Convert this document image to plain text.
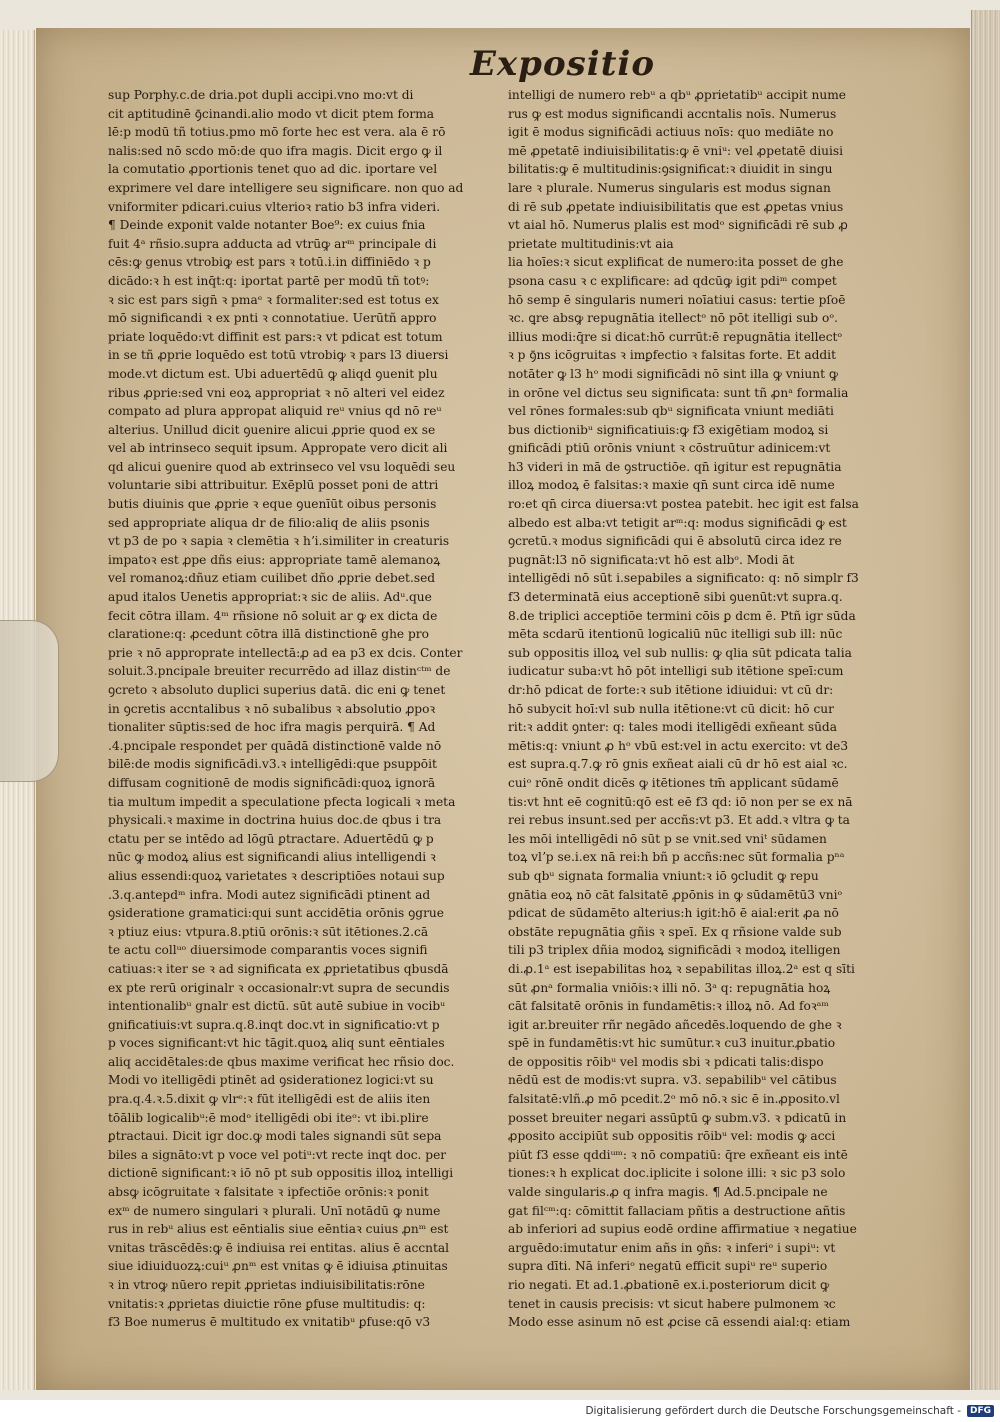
Expositio
sup Porphy.c.de dria.pot dupli accipi.vno mo:vt di
cit aptitudinē ꝯ̄cinandi.alio modo vt dicit ptem forma
lē:p modū tñ totius.pmo mō forte hec est vera. ala ē rō
nalis:sed nō scdo mō:de quo ifra magis. Dicit ergo ꝙ il
la comutatio ꝓportionis tenet quo ad dic. iportare vel
exprimere vel dare intelligere seu significare. non quo ad
vniformiter pdicari.cuius vlterioꝛ ratio b3 infra videri.
¶ Deinde exponit valde notanter Boe⁹: ex cuius fnia
fuit 4ᵃ rñsio.supra adducta ad vtrūꝙ arᵐ principale di
cēs:ꝙ genus vtrobiꝙ est pars ꝛ totū.i.in diffiniēdo ꝛ p
dicādo:ꝛ h est inq̄t:q: iportat partē per modū tñ totꝰ:
ꝛ sic est pars sign̄ ꝛ pmaᵉ ꝛ formaliter:sed est totus ex
mō significandi ꝛ ex pnti ꝛ connotatiue. Uerūtñ appro
priate loquēdo:vt diffinit est pars:ꝛ vt pdicat est totum
in se tñ ꝓprie loquēdo est totū vtrobiꝙ ꝛ pars l3 diuersi
mode.vt dictum est. Ubi aduertēdū ꝙ aliqd ꝯuenit plu
ribus ꝓprie:sed vni eoꝝ appropriat ꝛ nō alteri vel eidez
compato ad plura appropat aliquid reᵘ vnius qd nō reᵘ
alterius. Unillud dicit ꝯuenire alicui ꝓprie quod ex se
vel ab intrinseco sequit ipsum. Appropate vero dicit ali
qd alicui ꝯuenire quod ab extrinseco vel vsu loquēdi seu
voluntarie sibi attribuitur. Exēplū posset poni de attri
butis diuinis que ꝓprie ꝛ eque ꝯuenīūt oibus personis
sed appropriate aliqua dr de filio:aliq de aliis psonis
vt p3 de po ꝛ sapia ꝛ clemētia ꝛ hʼi.similiter in creaturis
impatoꝛ est ꝓpe dñs eius: appropriate tamē alemanoꝝ
vel romanoꝝ:dñuz etiam cuilibet dño ꝓprie debet.sed
apud italos Uenetis appropriat:ꝛ sic de aliis. Adᵘ.que
fecit cōtra illam. 4ᵐ rñsione nō soluit ar ꝙ ex dicta de
claratione:q: ꝓcedunt cōtra illā distinctionē ghe pro
prie ꝛ nō approprate intellectā:ꝓ ad ea p3 ex dcis. Conter
soluit.3.pncipale breuiter recurrēdo ad illaz distinᶜᵗᵐ de
ꝯcreto ꝛ absoluto duplici superius datā. dic eni ꝙ tenet
in ꝯcretis accntalibus ꝛ nō subalibus ꝛ absolutio ꝓpoꝛ
tionaliter sūptis:sed de hoc ifra magis perquirā. ¶ Ad
.4.pncipale respondet per quādā distinctionē valde nō
bilē:de modis significādi.v3.ꝛ intelligēdi:que psuppōit
diffusam cognitionē de modis significādi:quoꝝ ignorā
tia multum impedit a speculatione pfecta logicali ꝛ meta
physicali.ꝛ maxime in doctrina huius doc.de qbus i tra
ctatu per se intēdo ad lōgū ꝑtractare. Aduertēdū ꝙ p
nūc ꝙ modoꝝ alius est significandi alius intelligendi ꝛ
alius essendi:quoꝝ varietates ꝛ descriptiōes notaui sup
.3.q.antepdᵐ infra. Modi autez significādi ptinent ad
ꝯsideratione gramatici:qui sunt accidētia orōnis ꝯgrue
ꝛ ptiuz eius: vtpura.8.ptiū orōnis:ꝛ sūt itētiones.2.cā
te actu collᵘᵒ diuersimode comparantis voces signifi
catiuas:ꝛ iter se ꝛ ad significata ex ꝓprietatibus qbusdā
ex pte rerū originalr ꝛ occasionalr:vt supra de secundis
intentionalibᵘ gnalr est dictū. sūt autē subiue in vocibᵘ
gnificatiuis:vt supra.q.8.inqt doc.vt in significatio:vt p
p voces significant:vt hic tāgit.quoꝝ aliq sunt eēntiales
aliq accidētales:de qbus maxime verificat hec rñsio doc.
Modi vo itelligēdi ptinēt ad ꝯsiderationez logici:vt su
pra.q.4.ꝛ.5.dixit ꝙ vlrᵉ:ꝛ fūt itelligēdi est de aliis iten
tōālib logicalibᵘ:ē modᵒ itelligēdi obi iteᵒ: vt ibi.plire
ꝑtractaui. Dicit igr doc.ꝙ modi tales signandi sūt sepa
biles a signāto:vt p voce vel potiᵘ:vt recte inqt doc. per
dictionē significant:ꝛ iō nō pt sub oppositis illoꝝ intelligi
absꝙ icōgruitate ꝛ falsitate ꝛ ipfectiōe orōnis:ꝛ ponit
exᵐ de numero singulari ꝛ plurali. Unī notādū ꝙ nume
rus in rebᵘ alius est eēntialis siue eēntiaꝛ cuius ꝓnᵐ est
vnitas trāscēdēs:ꝙ ē indiuisa rei entitas. alius ē accntal
siue idiuiduozꝝ:cuiᵘ ꝓnᵐ est vnitas ꝙ ē idiuisa ꝓtinuitas
ꝛ in vtroꝙ nūero repit ꝓprietas indiuisibilitatis:rōne
vnitatis:ꝛ ꝓprietas diuictie rōne ꝑfuse multitudis: q:
f3 Boe numerus ē multitudo ex vnitatibᵘ ꝑfuse:qō v3
intelligi de numero rebᵘ a qbᵘ ꝓprietatibᵘ accipit nume
rus ꝙ est modus significandi accntalis noīs. Numerus
igit ē modus significādi actiuus noīs: quo mediāte no
mē ꝓpetatē indiuisibilitatis:ꝙ ē vniᵘ: vel ꝓpetatē diuisi
bilitatis:ꝙ ē multitudinis:ꝯsignificat:ꝛ diuidit in singu
lare ꝛ plurale. Numerus singularis est modus signan
di rē sub ꝓpetate indiuisibilitatis que est ꝓpetas vnius
vt aial hō. Numerus plalis est modᵒ significādi rē sub ꝓ
prietate multitudinis:vt aia
lia hoīes:ꝛ sicut explificat de numero:ita posset de ghe
psona casu ꝛ c explificare: ad qdcūꝙ igit pdiᵐ compet
hō semp ē singularis numeri noīatiui casus: tertie pſoē
ꝛc. ꝗre absꝙ repugnātia itellectᵒ nō pōt itelligi sub oᵒ.
illius modi:q̄re si dicat:hō currūt:ē repugnātia itellectᵒ
ꝛ p ꝯ̄ns icōgruitas ꝛ imꝑfectio ꝛ falsitas forte. Et addit
notāter ꝙ l3 hᵒ modi significādi nō sint illa ꝙ vniunt ꝙ
in orōne vel dictus seu significata: sunt tñ ꝓnᵃ formalia
vel rōnes formales:sub qbᵘ significata vniunt mediāti
bus dictionibᵘ significatiuis:ꝙ f3 exigētiam modoꝝ si
gnificādi ptiū orōnis vniunt ꝛ cōstruūtur adinicem:vt
h3 videri in mā de ꝯstructiōe. qn̄ igitur est repugnātia
illoꝝ modoꝝ ē falsitas:ꝛ maxie qn̄ sunt circa idē nume
ro:et qn̄ circa diuersa:vt postea patebit. hec igit est falsa
albedo est alba:vt tetigit arᵐ:q: modus significādi ꝙ est
ꝯcretū.ꝛ modus significādi qui ē absolutū circa idez re
pugnāt:l3 nō significata:vt hō est albᵒ. Modi āt
intelligēdi nō sūt i.sepabiles a significato: q: nō simplr f3
f3 determinatā eius acceptionē sibi ꝯuenūt:vt supra.q.
8.de triplici acceptiōe termini cōis ꝑ dcm ē. Ptñ igr sūda
mēta scdarū itentionū logicaliū nūc itelligi sub ill: nūc
sub oppositis illoꝝ vel sub nullis: ꝙ qlia sūt pdicata talia
iudicatur suba:vt hō pōt intelligi sub itētione speī:cum
dr:hō pdicat de forte:ꝛ sub itētione idiuidui: vt cū dr:
hō subycit hoī:vl sub nulla itētione:vt cū dicit: hō cur
rit:ꝛ addit ꝯnter: q: tales modi itelligēdi exñeant sūda
mētis:q: vniunt ꝓ hᵒ vbū est:vel in actu exercito: vt de3
est supra.q.7.ꝙ rō gnis exñeat aiali cū dr hō est aial ꝛc.
cuiᵒ rōnē ondit dicēs ꝙ itētiones tm̄ applicant sūdamē
tis:vt hnt eē cognitū:qō est eē f3 qd: iō non per se ex nā
rei rebus insunt.sed per accñs:vt p3. Et add.ꝛ vltra ꝙ ta
les mōi intelligēdi nō sūt p se vnit.sed vniᵗ sūdamen
toꝝ vlʼp se.i.ex nā rei:h bñ p accñs:nec sūt formalia pⁿᵃ
sub qbᵘ signata formalia vniunt:ꝛ iō ꝯcludit ꝙ repu
gnātia eoꝝ nō cāt falsitatē ꝓpōnis in ꝙ sūdamētū3 vniᵒ
pdicat de sūdamēto alterius:h igit:hō ē aial:erit ꝓa nō
obstāte repugnātia gñis ꝛ speī. Ex q rñsione valde sub
tili p3 triplex dñia modoꝝ significādi ꝛ modoꝝ itelligen
di.ꝓ.1ᵃ est isepabilitas hoꝝ ꝛ sepabilitas illoꝝ.2ᵃ est q sīti
sūt ꝓnᵃ formalia vniōis:ꝛ illi nō. 3ᵃ q: repugnātia hoꝝ
cāt falsitatē orōnis in fundamētis:ꝛ illoꝝ nō. Ad foꝛᵃᵐ
igit ar.breuiter rñr negādo añcedēs.loquendo de ghe ꝛ
spē in fundamētis:vt hic sumūtur.ꝛ cu3 inuitur.ꝓbatio
de oppositis rōibᵘ vel modis sbi ꝛ pdicati talis:dispo
nēdū est de modis:vt supra. v3. sepabilibᵘ vel cātibus
falsitatē:vlñ.ꝓ mō pcedit.2ᵒ mō nō.ꝛ sic ē in.ꝓposito.vl
posset breuiter negari assūptū ꝙ subm.v3. ꝛ pdicatū in
ꝓposito accipiūt sub oppositis rōibᵘ vel: modis ꝙ acci
piūt f3 esse qddiᵘᵐ: ꝛ nō compatiū: q̄re exñeant eis intē
tiones:ꝛ h explicat doc.iplicite i solone illi: ꝛ sic p3 solo
valde singularis.ꝓ q infra magis. ¶ Ad.5.pncipale ne
gat filᶜᵐ:q: cōmittit fallaciam pñtis a destructione añtis
ab inferiori ad supius eodē ordine affirmatiue ꝛ negatiue
arguēdo:imutatur enim añs in ꝯñs: ꝛ inferiᵒ i supiᵘ: vt
supra dīti. Nā inferiᵒ negatū efficit supiᵘ reᵘ superio
rio negati. Et ad.1.ꝓbationē ex.i.posteriorum dicit ꝙ
tenet in causis precisis: vt sicut habere pulmonem ꝛc
Modo esse asinum nō est ꝓcise cā essendi aial:q: etiam
Digitalisierung gefördert durch die Deutsche Forschungsgemeinschaft -	DFG
